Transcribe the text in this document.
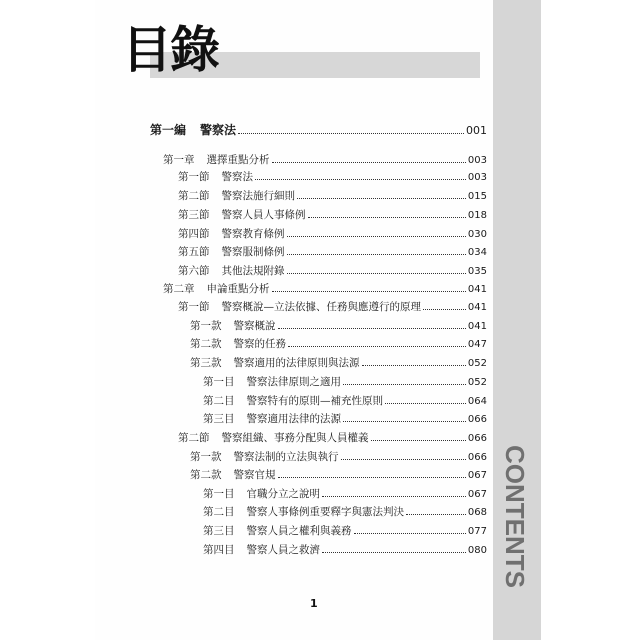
CONTENTS
目錄
第一編 警察法	001
第一章 選擇重點分析	003
第一節 警察法	003
第二節 警察法施行細則	015
第三節 警察人員人事條例	018
第四節 警察教育條例	030
第五節 警察服制條例	034
第六節 其他法規附錄	035
第二章 申論重點分析	041
第一節 警察概說—立法依據、任務與應遵行的原理	041
第一款 警察概說	041
第二款 警察的任務	047
第三款 警察適用的法律原則與法源	052
第一目 警察法律原則之適用	052
第二目 警察特有的原則—補充性原則	064
第三目 警察適用法律的法源	066
第二節 警察組織、事務分配與人員權義	066
第一款 警察法制的立法與執行	066
第二款 警察官規	067
第一目 官職分立之說明	067
第二目 警察人事條例重要釋字與憲法判決	068
第三目 警察人員之權利與義務	077
第四目 警察人員之救濟	080
1
